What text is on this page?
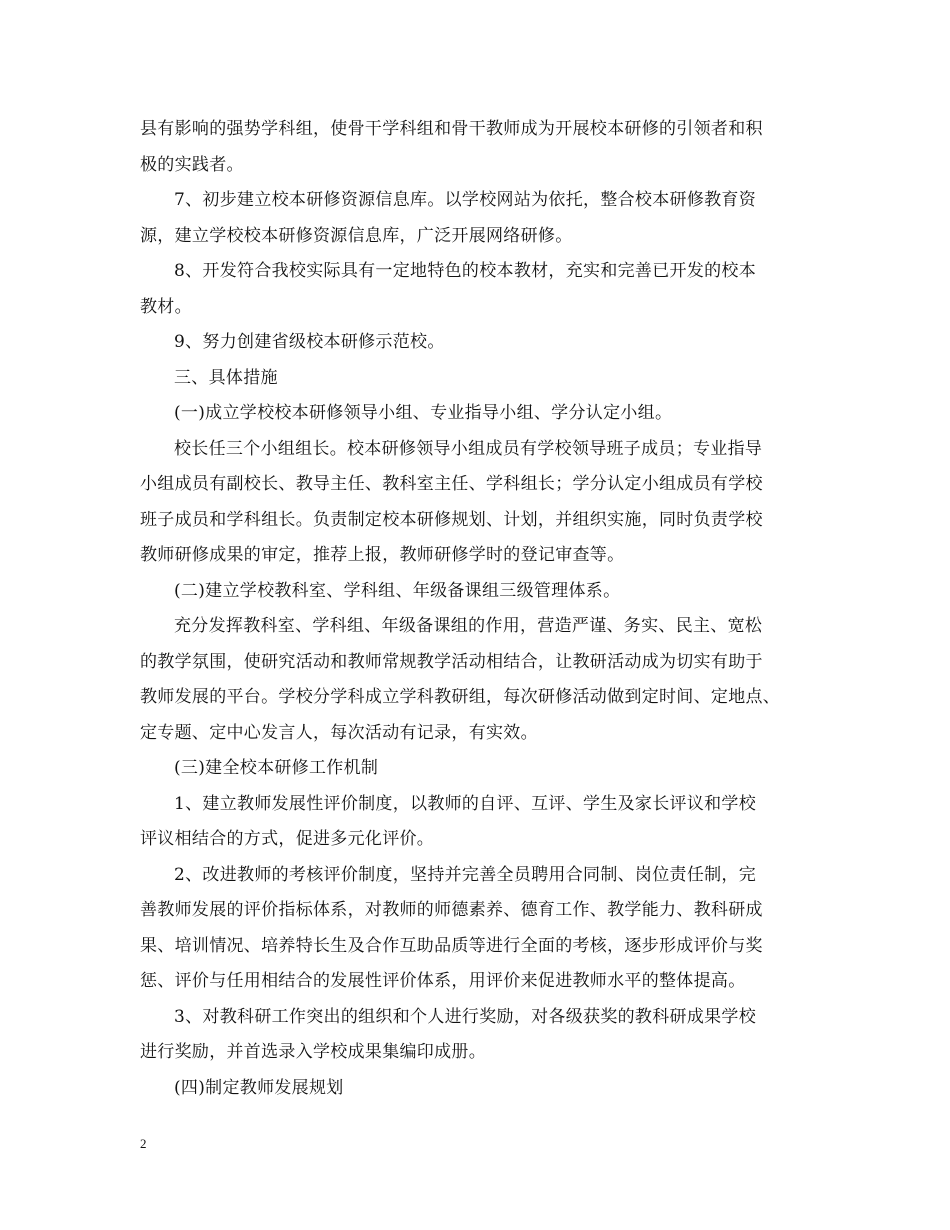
县有影响的强势学科组，使骨干学科组和骨干教师成为开展校本研修的引领者和积
极的实践者。
7、初步建立校本研修资源信息库。以学校网站为依托，整合校本研修教育资
源，建立学校校本研修资源信息库，广泛开展网络研修。
8、开发符合我校实际具有一定地特色的校本教材，充实和完善已开发的校本
教材。
9、努力创建省级校本研修示范校。
三、具体措施
(一)成立学校校本研修领导小组、专业指导小组、学分认定小组。
校长任三个小组组长。校本研修领导小组成员有学校领导班子成员；专业指导
小组成员有副校长、教导主任、教科室主任、学科组长；学分认定小组成员有学校
班子成员和学科组长。负责制定校本研修规划、计划，并组织实施，同时负责学校
教师研修成果的审定，推荐上报，教师研修学时的登记审查等。
(二)建立学校教科室、学科组、年级备课组三级管理体系。
充分发挥教科室、学科组、年级备课组的作用，营造严谨、务实、民主、宽松
的教学氛围，使研究活动和教师常规教学活动相结合，让教研活动成为切实有助于
教师发展的平台。学校分学科成立学科教研组，每次研修活动做到定时间、定地点、
定专题、定中心发言人，每次活动有记录，有实效。
(三)建全校本研修工作机制
1、建立教师发展性评价制度，以教师的自评、互评、学生及家长评议和学校
评议相结合的方式，促进多元化评价。
2、改进教师的考核评价制度，坚持并完善全员聘用合同制、岗位责任制，完
善教师发展的评价指标体系，对教师的师德素养、德育工作、教学能力、教科研成
果、培训情况、培养特长生及合作互助品质等进行全面的考核，逐步形成评价与奖
惩、评价与任用相结合的发展性评价体系，用评价来促进教师水平的整体提高。
3、对教科研工作突出的组织和个人进行奖励，对各级获奖的教科研成果学校
进行奖励，并首选录入学校成果集编印成册。
(四)制定教师发展规划
2
